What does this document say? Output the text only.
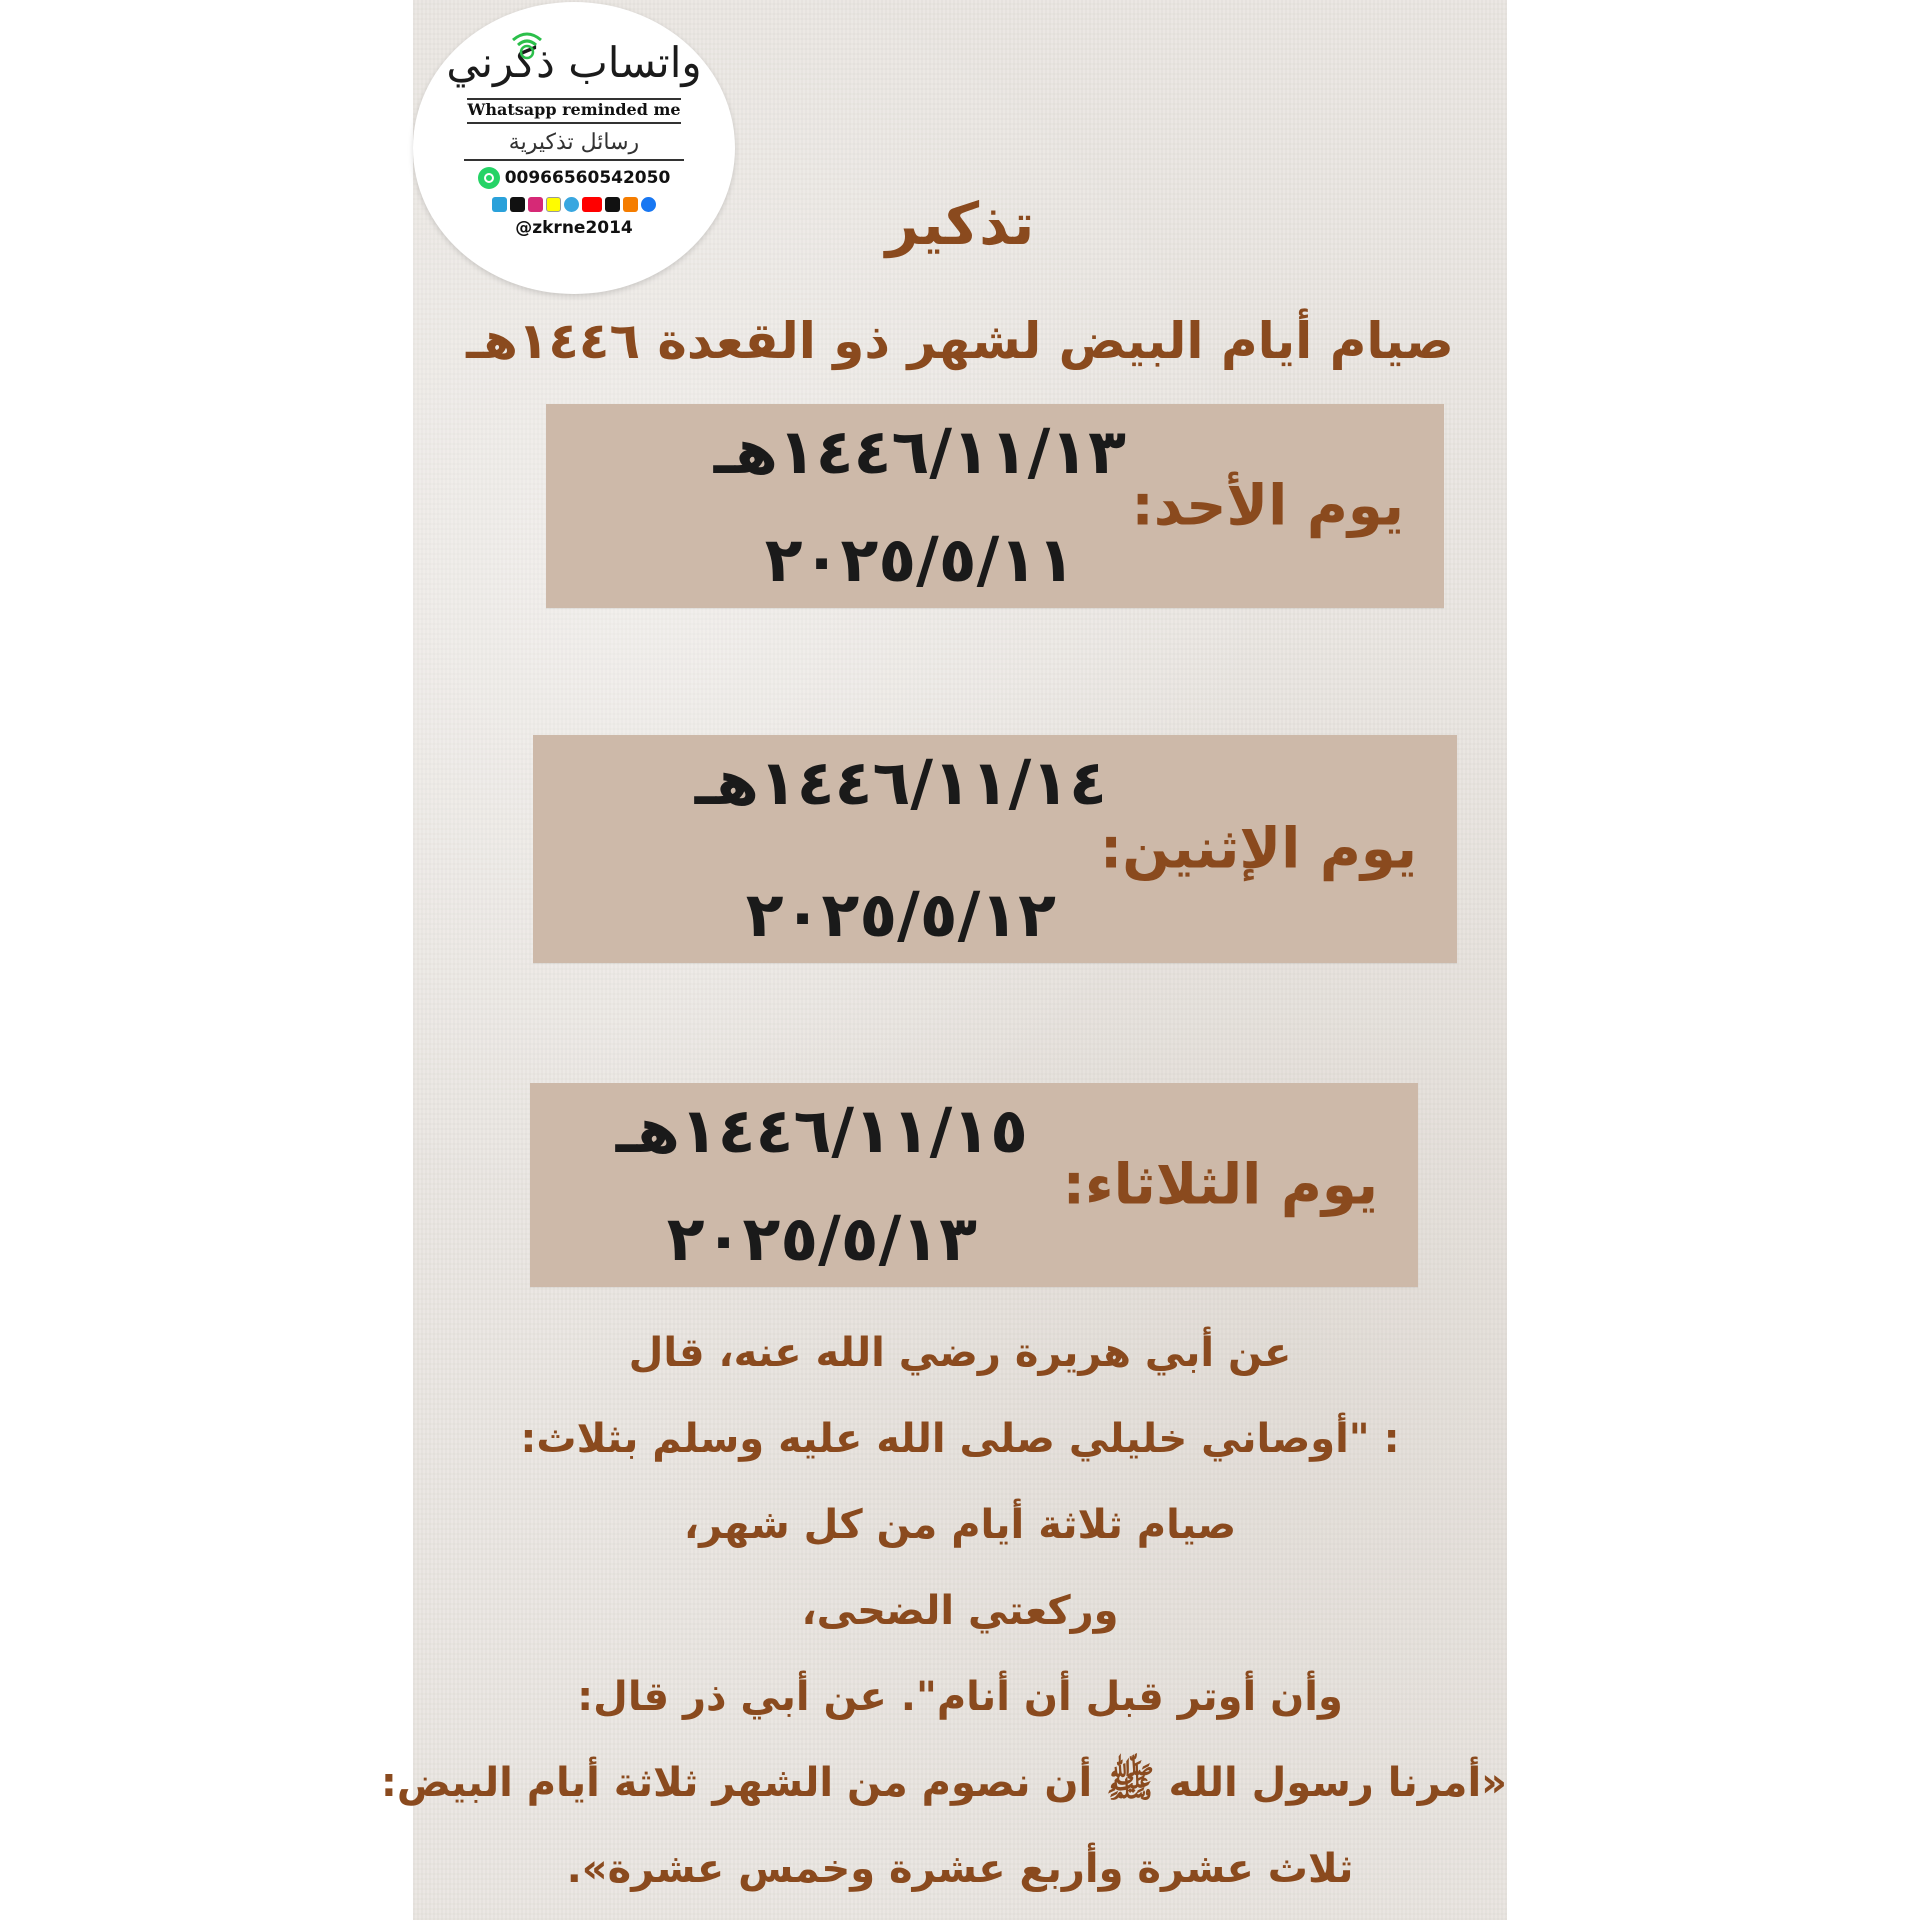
واتساب ذكرني
Whatsapp reminded me
رسائل تذكيرية
00966560542050
@zkrne2014	تذكير
صيام أيام البيض لشهر ذو القعدة ١٤٤٦هـ
يوم الأحد:
١٤٤٦/١١/١٣هـ
٢٠٢٥/٥/١١
يوم الإثنين:
١٤٤٦/١١/١٤هـ
٢٠٢٥/٥/١٢
يوم الثلاثاء:
١٤٤٦/١١/١٥هـ
٢٠٢٥/٥/١٣
عن أبي هريرة رضي الله عنه، قال
: "أوصاني خليلي صلى الله عليه وسلم بثلاث:
صيام ثلاثة أيام من كل شهر،
وركعتي الضحى،
وأن أوتر قبل أن أنام". عن أبي ذر قال:
«أمرنا رسول الله ﷺ أن نصوم من الشهر ثلاثة أيام البيض:
ثلاث عشرة وأربع عشرة وخمس عشرة».
